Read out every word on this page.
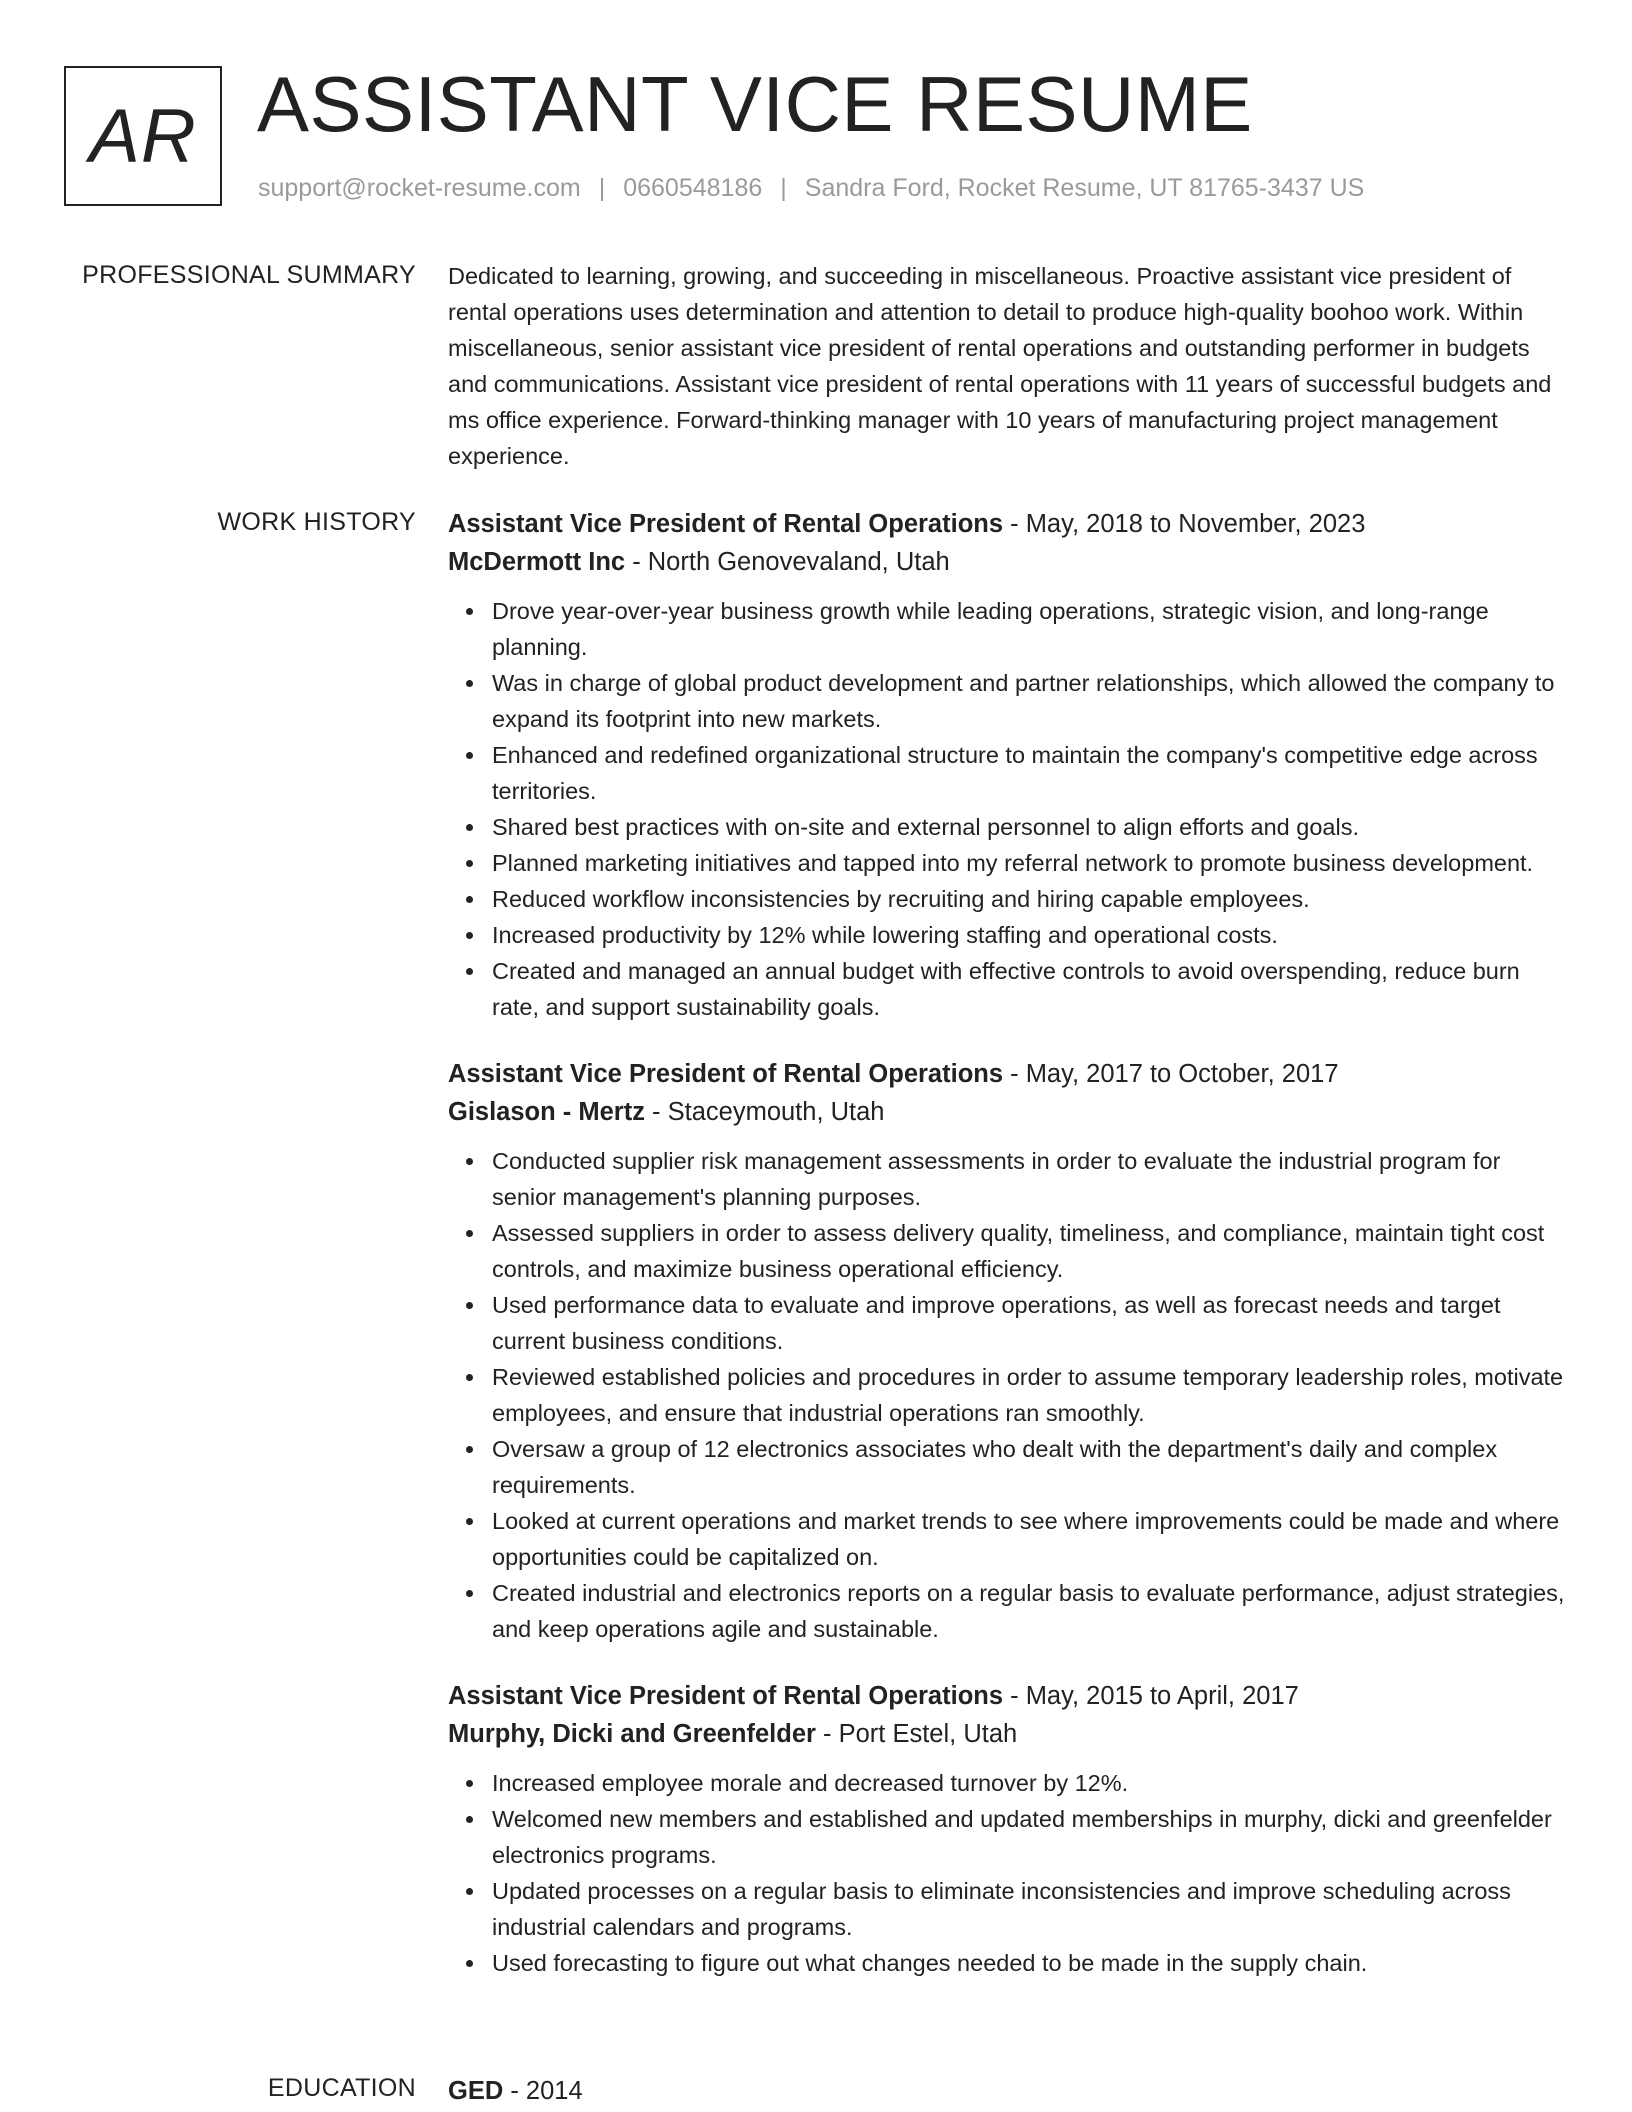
AR ASSISTANT VICE RESUME
support@rocket-resume.com | 0660548186 | Sandra Ford, Rocket Resume, UT 81765-3437 US
PROFESSIONAL SUMMARY Dedicated to learning, growing, and succeeding in miscellaneous. Proactive assistant vice president of rental operations uses determination and attention to detail to produce high-quality boohoo work. Within miscellaneous, senior assistant vice president of rental operations and outstanding performer in budgets and communications. Assistant vice president of rental operations with 11 years of successful budgets and ms office experience. Forward-thinking manager with 10 years of manufacturing project management experience.

WORK HISTORY Assistant Vice President of Rental Operations - May, 2018 to November, 2023
McDermott Inc - North Genovevaland, Utah
Drove year-over-year business growth while leading operations, strategic vision, and long-range planning.
Was in charge of global product development and partner relationships, which allowed the company to expand its footprint into new markets.
Enhanced and redefined organizational structure to maintain the company's competitive edge across territories.
Shared best practices with on-site and external personnel to align efforts and goals.
Planned marketing initiatives and tapped into my referral network to promote business development.
Reduced workflow inconsistencies by recruiting and hiring capable employees.
Increased productivity by 12% while lowering staffing and operational costs.
Created and managed an annual budget with effective controls to avoid overspending, reduce burn rate, and support sustainability goals.
Assistant Vice President of Rental Operations - May, 2017 to October, 2017
Gislason - Mertz - Staceymouth, Utah
Conducted supplier risk management assessments in order to evaluate the industrial program for senior management's planning purposes.
Assessed suppliers in order to assess delivery quality, timeliness, and compliance, maintain tight cost controls, and maximize business operational efficiency.
Used performance data to evaluate and improve operations, as well as forecast needs and target current business conditions.
Reviewed established policies and procedures in order to assume temporary leadership roles, motivate employees, and ensure that industrial operations ran smoothly.
Oversaw a group of 12 electronics associates who dealt with the department's daily and complex requirements.
Looked at current operations and market trends to see where improvements could be made and where opportunities could be capitalized on.
Created industrial and electronics reports on a regular basis to evaluate performance, adjust strategies, and keep operations agile and sustainable.
Assistant Vice President of Rental Operations - May, 2015 to April, 2017
Murphy, Dicki and Greenfelder - Port Estel, Utah
Increased employee morale and decreased turnover by 12%.
Welcomed new members and established and updated memberships in murphy, dicki and greenfelder electronics programs.
Updated processes on a regular basis to eliminate inconsistencies and improve scheduling across industrial calendars and programs.
Used forecasting to figure out what changes needed to be made in the supply chain.
EDUCATION GED - 2014
